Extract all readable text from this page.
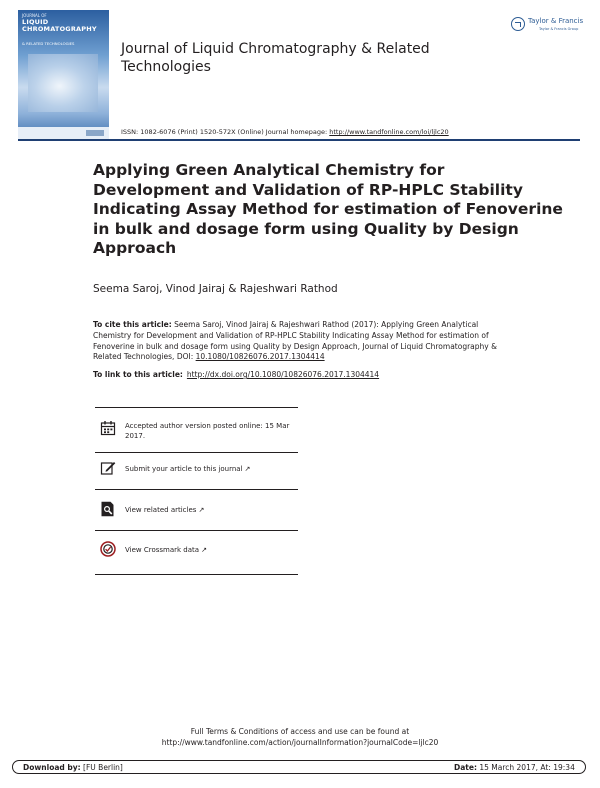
JOURNAL OF
LIQUID CHROMATOGRAPHY
& RELATED TECHNOLOGIES	Journal of Liquid Chromatography & Related Technologies
Taylor & Francis
Taylor & Francis Group
ISSN: 1082-6076 (Print) 1520-572X (Online) Journal homepage: http://www.tandfonline.com/loi/ljlc20
Applying Green Analytical Chemistry for Development and Validation of RP-HPLC Stability Indicating Assay Method for estimation of Fenoverine in bulk and dosage form using Quality by Design Approach
Seema Saroj, Vinod Jairaj & Rajeshwari Rathod
To cite this article: Seema Saroj, Vinod Jairaj & Rajeshwari Rathod (2017): Applying Green Analytical Chemistry for Development and Validation of RP-HPLC Stability Indicating Assay Method for estimation of Fenoverine in bulk and dosage form using Quality by Design Approach, Journal of Liquid Chromatography & Related Technologies, DOI: 10.1080/10826076.2017.1304414
To link to this article: http://dx.doi.org/10.1080/10826076.2017.1304414
Accepted author version posted online: 15 Mar 2017.
Submit your article to this journal ↗
View related articles ↗
View Crossmark data ↗
Full Terms & Conditions of access and use can be found at
http://www.tandfonline.com/action/journalInformation?journalCode=ljlc20
Download by: [FU Berlin]	Date: 15 March 2017, At: 19:34
